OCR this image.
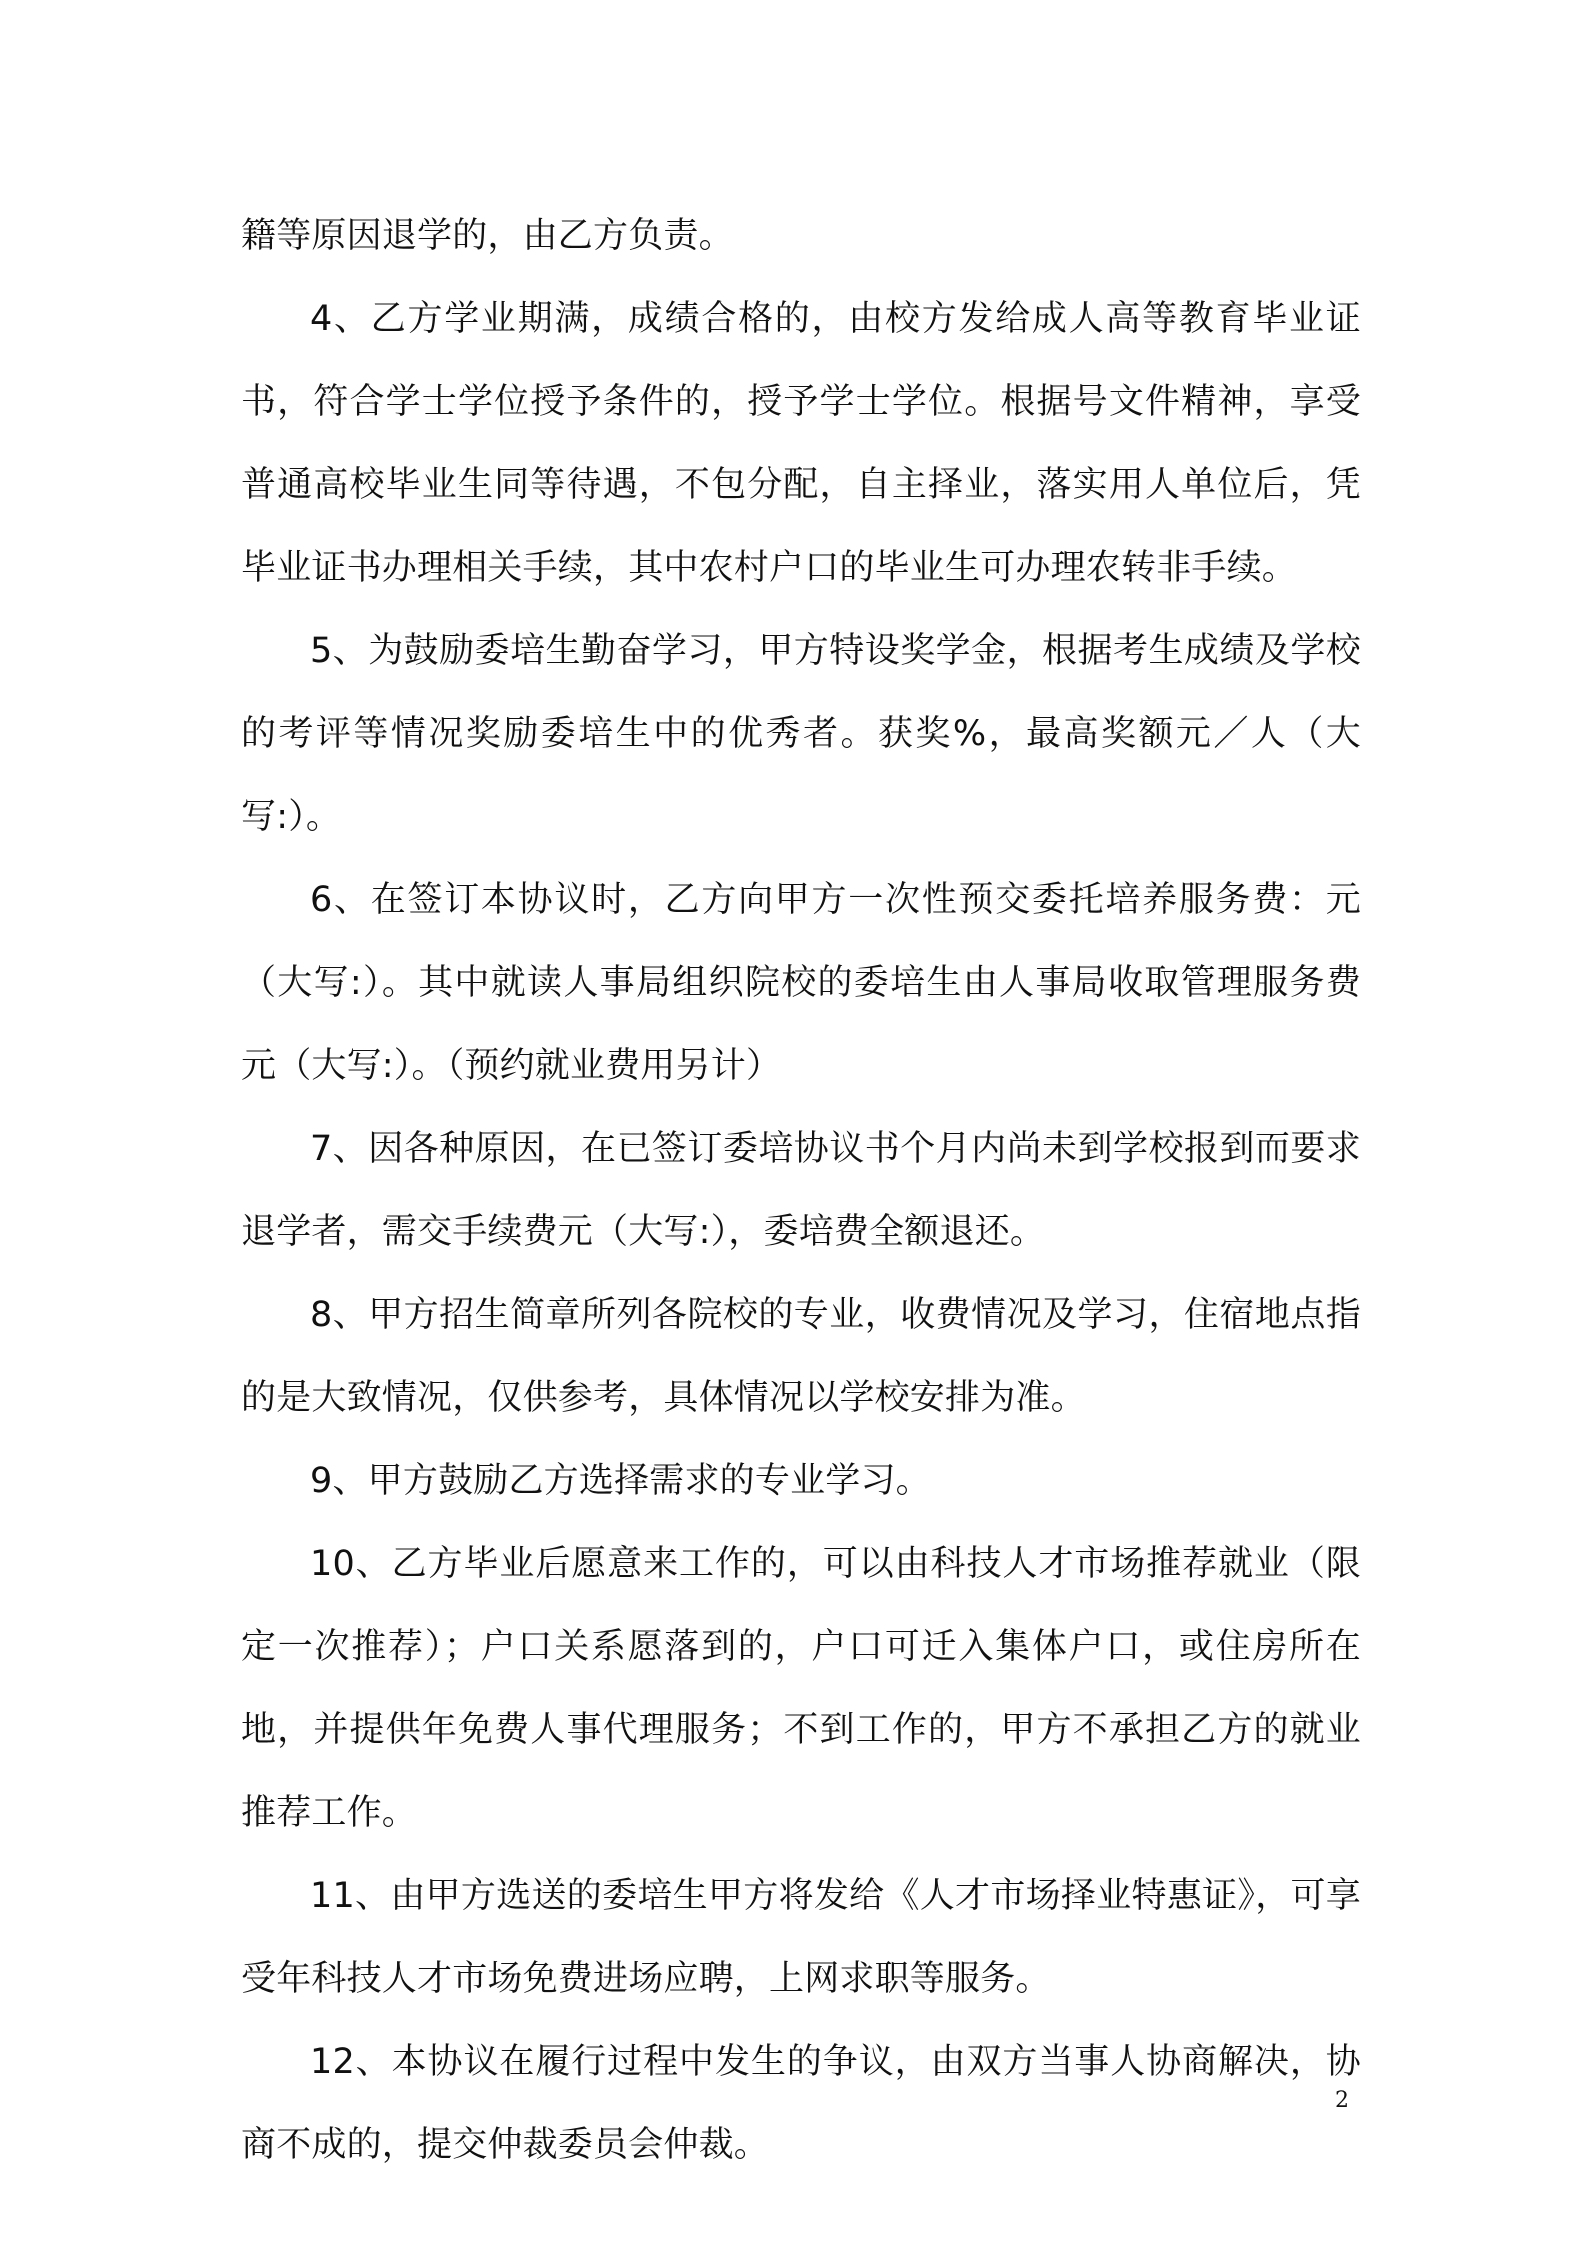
籍等原因退学的，由乙方负责。

4、乙方学业期满，成绩合格的，由校方发给成人高等教育毕业证书，符合学士学位授予条件的，授予学士学位。根据号文件精神，享受普通高校毕业生同等待遇，不包分配，自主择业，落实用人单位后，凭毕业证书办理相关手续，其中农村户口的毕业生可办理农转非手续。

5、为鼓励委培生勤奋学习，甲方特设奖学金，根据考生成绩及学校的考评等情况奖励委培生中的优秀者。获奖%，最高奖额元／人（大写:）。

6、在签订本协议时，乙方向甲方一次性预交委托培养服务费：元（大写:）。其中就读人事局组织院校的委培生由人事局收取管理服务费元（大写:）。（预约就业费用另计）

7、因各种原因，在已签订委培协议书个月内尚未到学校报到而要求退学者，需交手续费元（大写:），委培费全额退还。

8、甲方招生简章所列各院校的专业，收费情况及学习，住宿地点指的是大致情况，仅供参考，具体情况以学校安排为准。

9、甲方鼓励乙方选择需求的专业学习。

10、乙方毕业后愿意来工作的，可以由科技人才市场推荐就业（限定一次推荐）；户口关系愿落到的，户口可迁入集体户口，或住房所在地，并提供年免费人事代理服务；不到工作的，甲方不承担乙方的就业推荐工作。

11、由甲方选送的委培生甲方将发给《人才市场择业特惠证》，可享受年科技人才市场免费进场应聘，上网求职等服务。

12、本协议在履行过程中发生的争议，由双方当事人协商解决，协商不成的，提交仲裁委员会仲裁。

2
